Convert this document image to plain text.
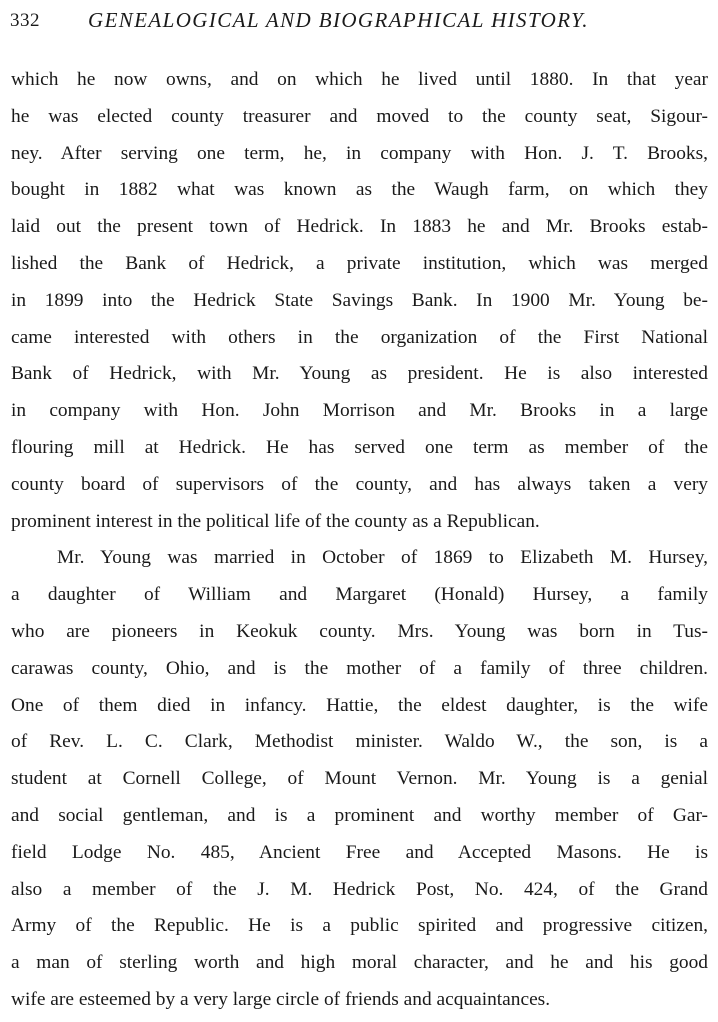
332 GENEALOGICAL AND BIOGRAPHICAL HISTORY.
which he now owns, and on which he lived until 1880. In that year
he was elected county treasurer and moved to the county seat, Sigour-
ney. After serving one term, he, in company with Hon. J. T. Brooks,
bought in 1882 what was known as the Waugh farm, on which they
laid out the present town of Hedrick. In 1883 he and Mr. Brooks estab-
lished the Bank of Hedrick, a private institution, which was merged
in 1899 into the Hedrick State Savings Bank. In 1900 Mr. Young be-
came interested with others in the organization of the First National
Bank of Hedrick, with Mr. Young as president. He is also interested
in company with Hon. John Morrison and Mr. Brooks in a large
flouring mill at Hedrick. He has served one term as member of the
county board of supervisors of the county, and has always taken a very
prominent interest in the political life of the county as a Republican.
Mr. Young was married in October of 1869 to Elizabeth M. Hursey,
a daughter of William and Margaret (Honald) Hursey, a family
who are pioneers in Keokuk county. Mrs. Young was born in Tus-
carawas county, Ohio, and is the mother of a family of three children.
One of them died in infancy. Hattie, the eldest daughter, is the wife
of Rev. L. C. Clark, Methodist minister. Waldo W., the son, is a
student at Cornell College, of Mount Vernon. Mr. Young is a genial
and social gentleman, and is a prominent and worthy member of Gar-
field Lodge No. 485, Ancient Free and Accepted Masons. He is
also a member of the J. M. Hedrick Post, No. 424, of the Grand
Army of the Republic. He is a public spirited and progressive citizen,
a man of sterling worth and high moral character, and he and his good
wife are esteemed by a very large circle of friends and acquaintances.
